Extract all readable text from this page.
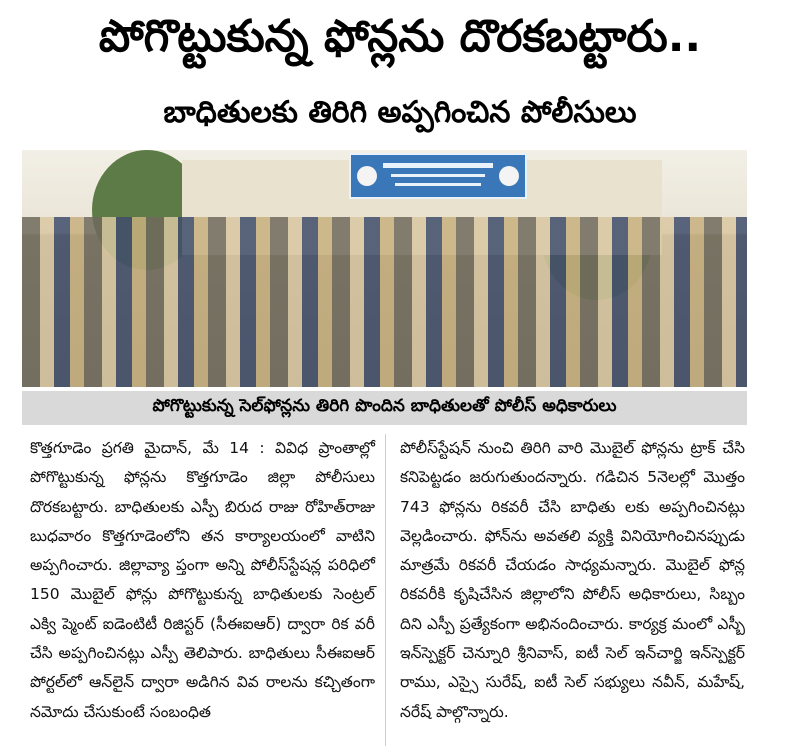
పోగొట్టుకున్న ఫోన్లను దొరకబట్టారు..
బాధితులకు తిరిగి అప్పగించిన పోలీసులు
పోగొట్టుకున్న సెల్‌ఫోన్లను తిరిగి పొందిన బాధితులతో పోలీస్ అధికారులు

కొత్తగూడెం ప్రగతి మైదాన్, మే 14 : వివిధ ప్రాంతాల్లో పోగొట్టుకున్న ఫోన్లను కొత్తగూడెం జిల్లా పోలీసులు దొరకబట్టారు. బాధితులకు ఎస్పీ బిరుద రాజు రోహిత్‌రాజు బుధవారం కొత్తగూడెంలోని తన కార్యాలయంలో వాటిని అప్పగించారు. జిల్లావ్యా ప్తంగా అన్ని పోలీస్‌స్టేషన్ల పరిధిలో 150 మొబైల్ ఫోన్లు పోగొట్టుకున్న బాధితులకు సెంట్రల్ ఎక్వి ప్మెంట్ ఐడెంటిటీ రిజిస్టర్ (సీఈఐఆర్) ద్వారా రిక వరీ చేసి అప్పగించినట్లు ఎస్పీ తెలిపారు. బాధితులు సీఈఐఆర్ పోర్టల్‌లో ఆన్‌లైన్ ద్వారా అడిగిన వివ రాలను కచ్చితంగా నమోదు చేసుకుంటే సంబంధిత

పోలీస్‌స్టేషన్ నుంచి తిరిగి వారి మొబైల్ ఫోన్లను ట్రాక్ చేసి కనిపెట్టడం జరుగుతుందన్నారు. గడిచిన 5నెలల్లో మొత్తం 743 ఫోన్లను రికవరీ చేసి బాధితు లకు అప్పగించినట్లు వెల్లడించారు. ఫోన్‌ను అవతలి వ్యక్తి వినియోగించినప్పుడు మాత్రమే రికవరీ చేయడం సాధ్యమన్నారు. మొబైల్ ఫోన్ల రికవరీకి కృషిచేసిన జిల్లాలోని పోలీస్ అధికారులు, సిబ్బం దిని ఎస్పీ ప్రత్యేకంగా అభినందించారు. కార్యక్ర మంలో ఎస్బీ ఇన్‌స్పెక్టర్ చెన్నూరి శ్రీనివాస్, ఐటీ సెల్ ఇన్‌చార్జి ఇన్‌స్పెక్టర్ రాము, ఎస్సై సురేష్, ఐటీ సెల్ సభ్యులు నవీన్, మహేష్, నరేష్ పాల్గొన్నారు.
